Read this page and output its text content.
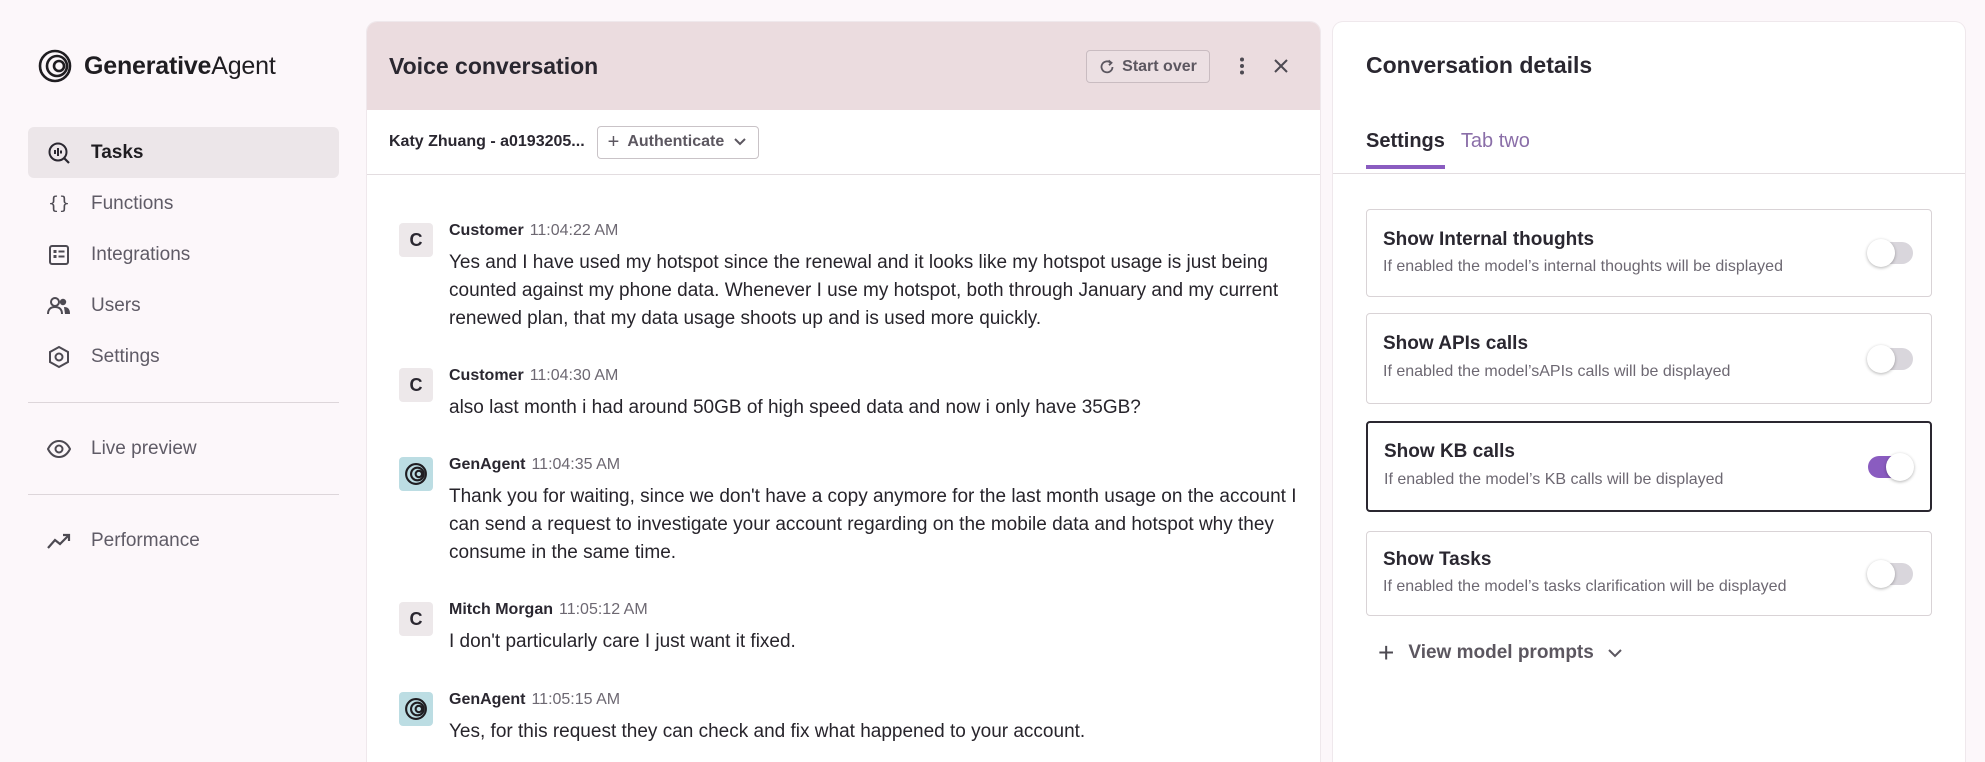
GenerativeAgent
Tasks
{} Functions
Integrations
Users
Settings
Live preview
Performance
Voice conversation	Start over
Katy Zhuang - a0193205... + Authenticate
C	Customer 11:04:22 AM
Yes and I have used my hotspot since the renewal and it looks like my hotspot usage is just being counted against my phone data. Whenever I use my hotspot, both through January and my current renewed plan, that my data usage shoots up and is used more quickly.
C	Customer 11:04:30 AM
also last month i had around 50GB of high speed data and now i only have 35GB?
GenAgent 11:04:35 AM
Thank you for waiting, since we don't have a copy anymore for the last month usage on the account I can send a request to investigate your account regarding on the mobile data and hotspot why they consume in the same time.
C	Mitch Morgan 11:05:12 AM
I don't particularly care I just want it fixed.
GenAgent 11:05:15 AM
Yes, for this request they can check and fix what happened to your account.
Conversation details
Settings Tab two
Show Internal thoughts
If enabled the model’s internal thoughts will be displayed
Show APIs calls
If enabled the model’sAPIs calls will be displayed
Show KB calls
If enabled the model’s KB calls will be displayed
Show Tasks
If enabled the model’s tasks clarification will be displayed
+ View model prompts
